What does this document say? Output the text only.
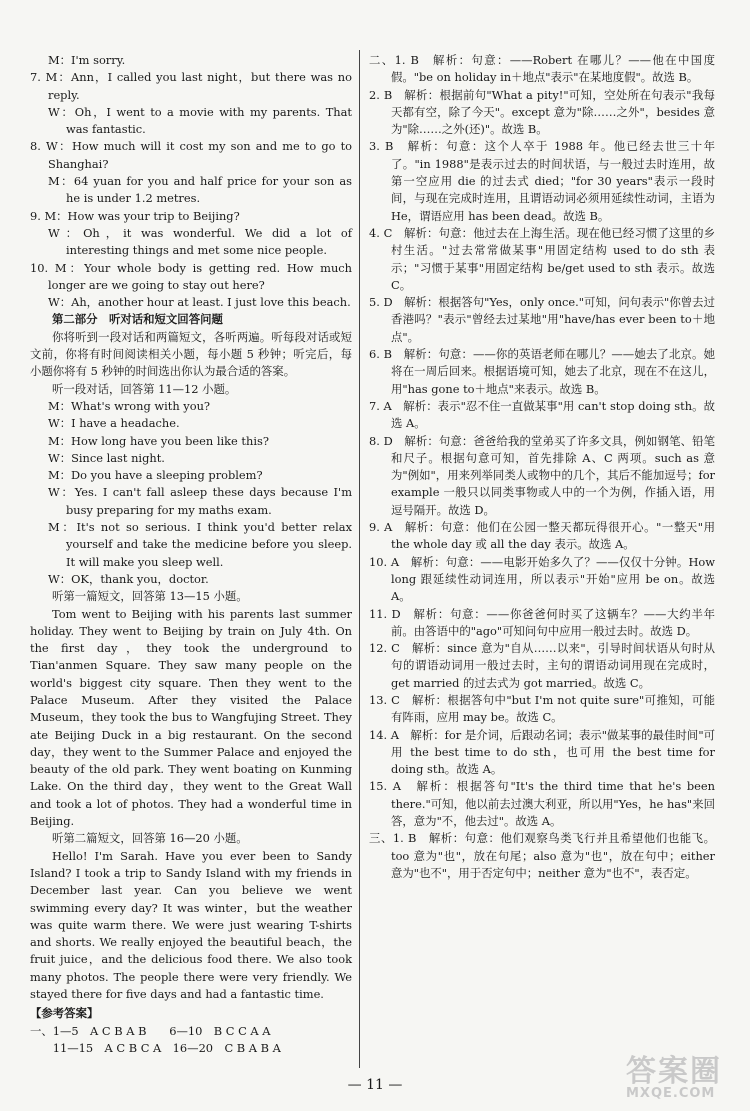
M：I'm sorry.

7. M：Ann，I called you last night，but there was no reply.

W：Oh，I went to a movie with my parents. That was fantastic.

8. W：How much will it cost my son and me to go to Shanghai?

M：64 yuan for you and half price for your son as he is under 1.2 metres.

9. M：How was your trip to Beijing?

W：Oh，it was wonderful. We did a lot of interesting things and met some nice people.

10. M：Your whole body is getting red. How much longer are we going to stay out here?

W：Ah，another hour at least. I just love this beach.

第二部分　听对话和短文回答问题

你将听到一段对话和两篇短文，各听两遍。听每段对话或短文前，你将有时间阅读相关小题，每小题 5 秒钟；听完后，每小题你将有 5 秒钟的时间选出你认为最合适的答案。

听一段对话，回答第 11—12 小题。

M：What's wrong with you?

W：I have a headache.

M：How long have you been like this?

W：Since last night.

M：Do you have a sleeping problem?

W：Yes. I can't fall asleep these days because I'm busy preparing for my maths exam.

M：It's not so serious. I think you'd better relax yourself and take the medicine before you sleep. It will make you sleep well.

W：OK，thank you，doctor.

听第一篇短文，回答第 13—15 小题。

Tom went to Beijing with his parents last summer holiday. They went to Beijing by train on July 4th. On the first day，they took the underground to Tian'anmen Square. They saw many people on the world's biggest city square. Then they went to the Palace Museum. After they visited the Palace Museum，they took the bus to Wangfujing Street. They ate Beijing Duck in a big restaurant. On the second day，they went to the Summer Palace and enjoyed the beauty of the old park. They went boating on Kunming Lake. On the third day，they went to the Great Wall and took a lot of photos. They had a wonderful time in Beijing.

听第二篇短文，回答第 16—20 小题。

Hello! I'm Sarah. Have you ever been to Sandy Island? I took a trip to Sandy Island with my friends in December last year. Can you believe we went swimming every day? It was winter，but the weather was quite warm there. We were just wearing T-shirts and shorts. We really enjoyed the beautiful beach，the fruit juice，and the delicious food there. We also took many photos. The people there were very friendly. We stayed there for five days and had a fantastic time.

【参考答案】

一、1—5　A C B A B　　6—10　B C C A A

　　11—15　A C B C A　16—20　C B A B A

二、1. B　解析：句意：——Robert 在哪儿？——他在中国度假。"be on holiday in＋地点"表示"在某地度假"。故选 B。

2. B　解析：根据前句"What a pity!"可知，空处所在句表示"我每天都有空，除了今天"。except 意为"除……之外"，besides 意为"除……之外(还)"。故选 B。

3. B　解析：句意：这个人卒于 1988 年。他已经去世三十年了。"in 1988"是表示过去的时间状语，与一般过去时连用，故第一空应用 die 的过去式 died；"for 30 years"表示一段时间，与现在完成时连用，且谓语动词必须用延续性动词，主语为 He，谓语应用 has been dead。故选 B。

4. C　解析：句意：他过去在上海生活。现在他已经习惯了这里的乡村生活。"过去常常做某事"用固定结构 used to do sth 表示；"习惯于某事"用固定结构 be/get used to sth 表示。故选 C。

5. D　解析：根据答句"Yes，only once."可知，问句表示"你曾去过香港吗？"表示"曾经去过某地"用"have/has ever been to＋地点"。

6. B　解析：句意：——你的英语老师在哪儿？——她去了北京。她将在一周后回来。根据语境可知，她去了北京，现在不在这儿，用"has gone to＋地点"来表示。故选 B。

7. A　解析：表示"忍不住一直做某事"用 can't stop doing sth。故选 A。

8. D　解析：句意：爸爸给我的堂弟买了许多文具，例如钢笔、铅笔和尺子。根据句意可知，首先排除 A、C 两项。such as 意为"例如"，用来列举同类人或物中的几个，其后不能加逗号；for example 一般只以同类事物或人中的一个为例，作插入语，用逗号隔开。故选 D。

9. A　解析：句意：他们在公园一整天都玩得很开心。"一整天"用 the whole day 或 all the day 表示。故选 A。

10. A　解析：句意：——电影开始多久了？——仅仅十分钟。How long 跟延续性动词连用，所以表示"开始"应用 be on。故选 A。

11. D　解析：句意：——你爸爸何时买了这辆车？——大约半年前。由答语中的"ago"可知问句中应用一般过去时。故选 D。

12. C　解析：since 意为"自从……以来"，引导时间状语从句时从句的谓语动词用一般过去时，主句的谓语动词用现在完成时，get married 的过去式为 got married。故选 C。

13. C　解析：根据答句中"but I'm not quite sure"可推知，可能有阵雨，应用 may be。故选 C。

14. A　解析：for 是介词，后跟动名词；表示"做某事的最佳时间"可用 the best time to do sth，也可用 the best time for doing sth。故选 A。

15. A　解析：根据答句"It's the third time that he's been there."可知，他以前去过澳大利亚，所以用"Yes，he has"来回答，意为"不，他去过"。故选 A。

三、1. B　解析：句意：他们观察鸟类飞行并且希望他们也能飞。too 意为"也"，放在句尾；also 意为"也"，放在句中；either 意为"也不"，用于否定句中；neither 意为"也不"，表否定。

— 11 —	答案圈
MXQE.COM
